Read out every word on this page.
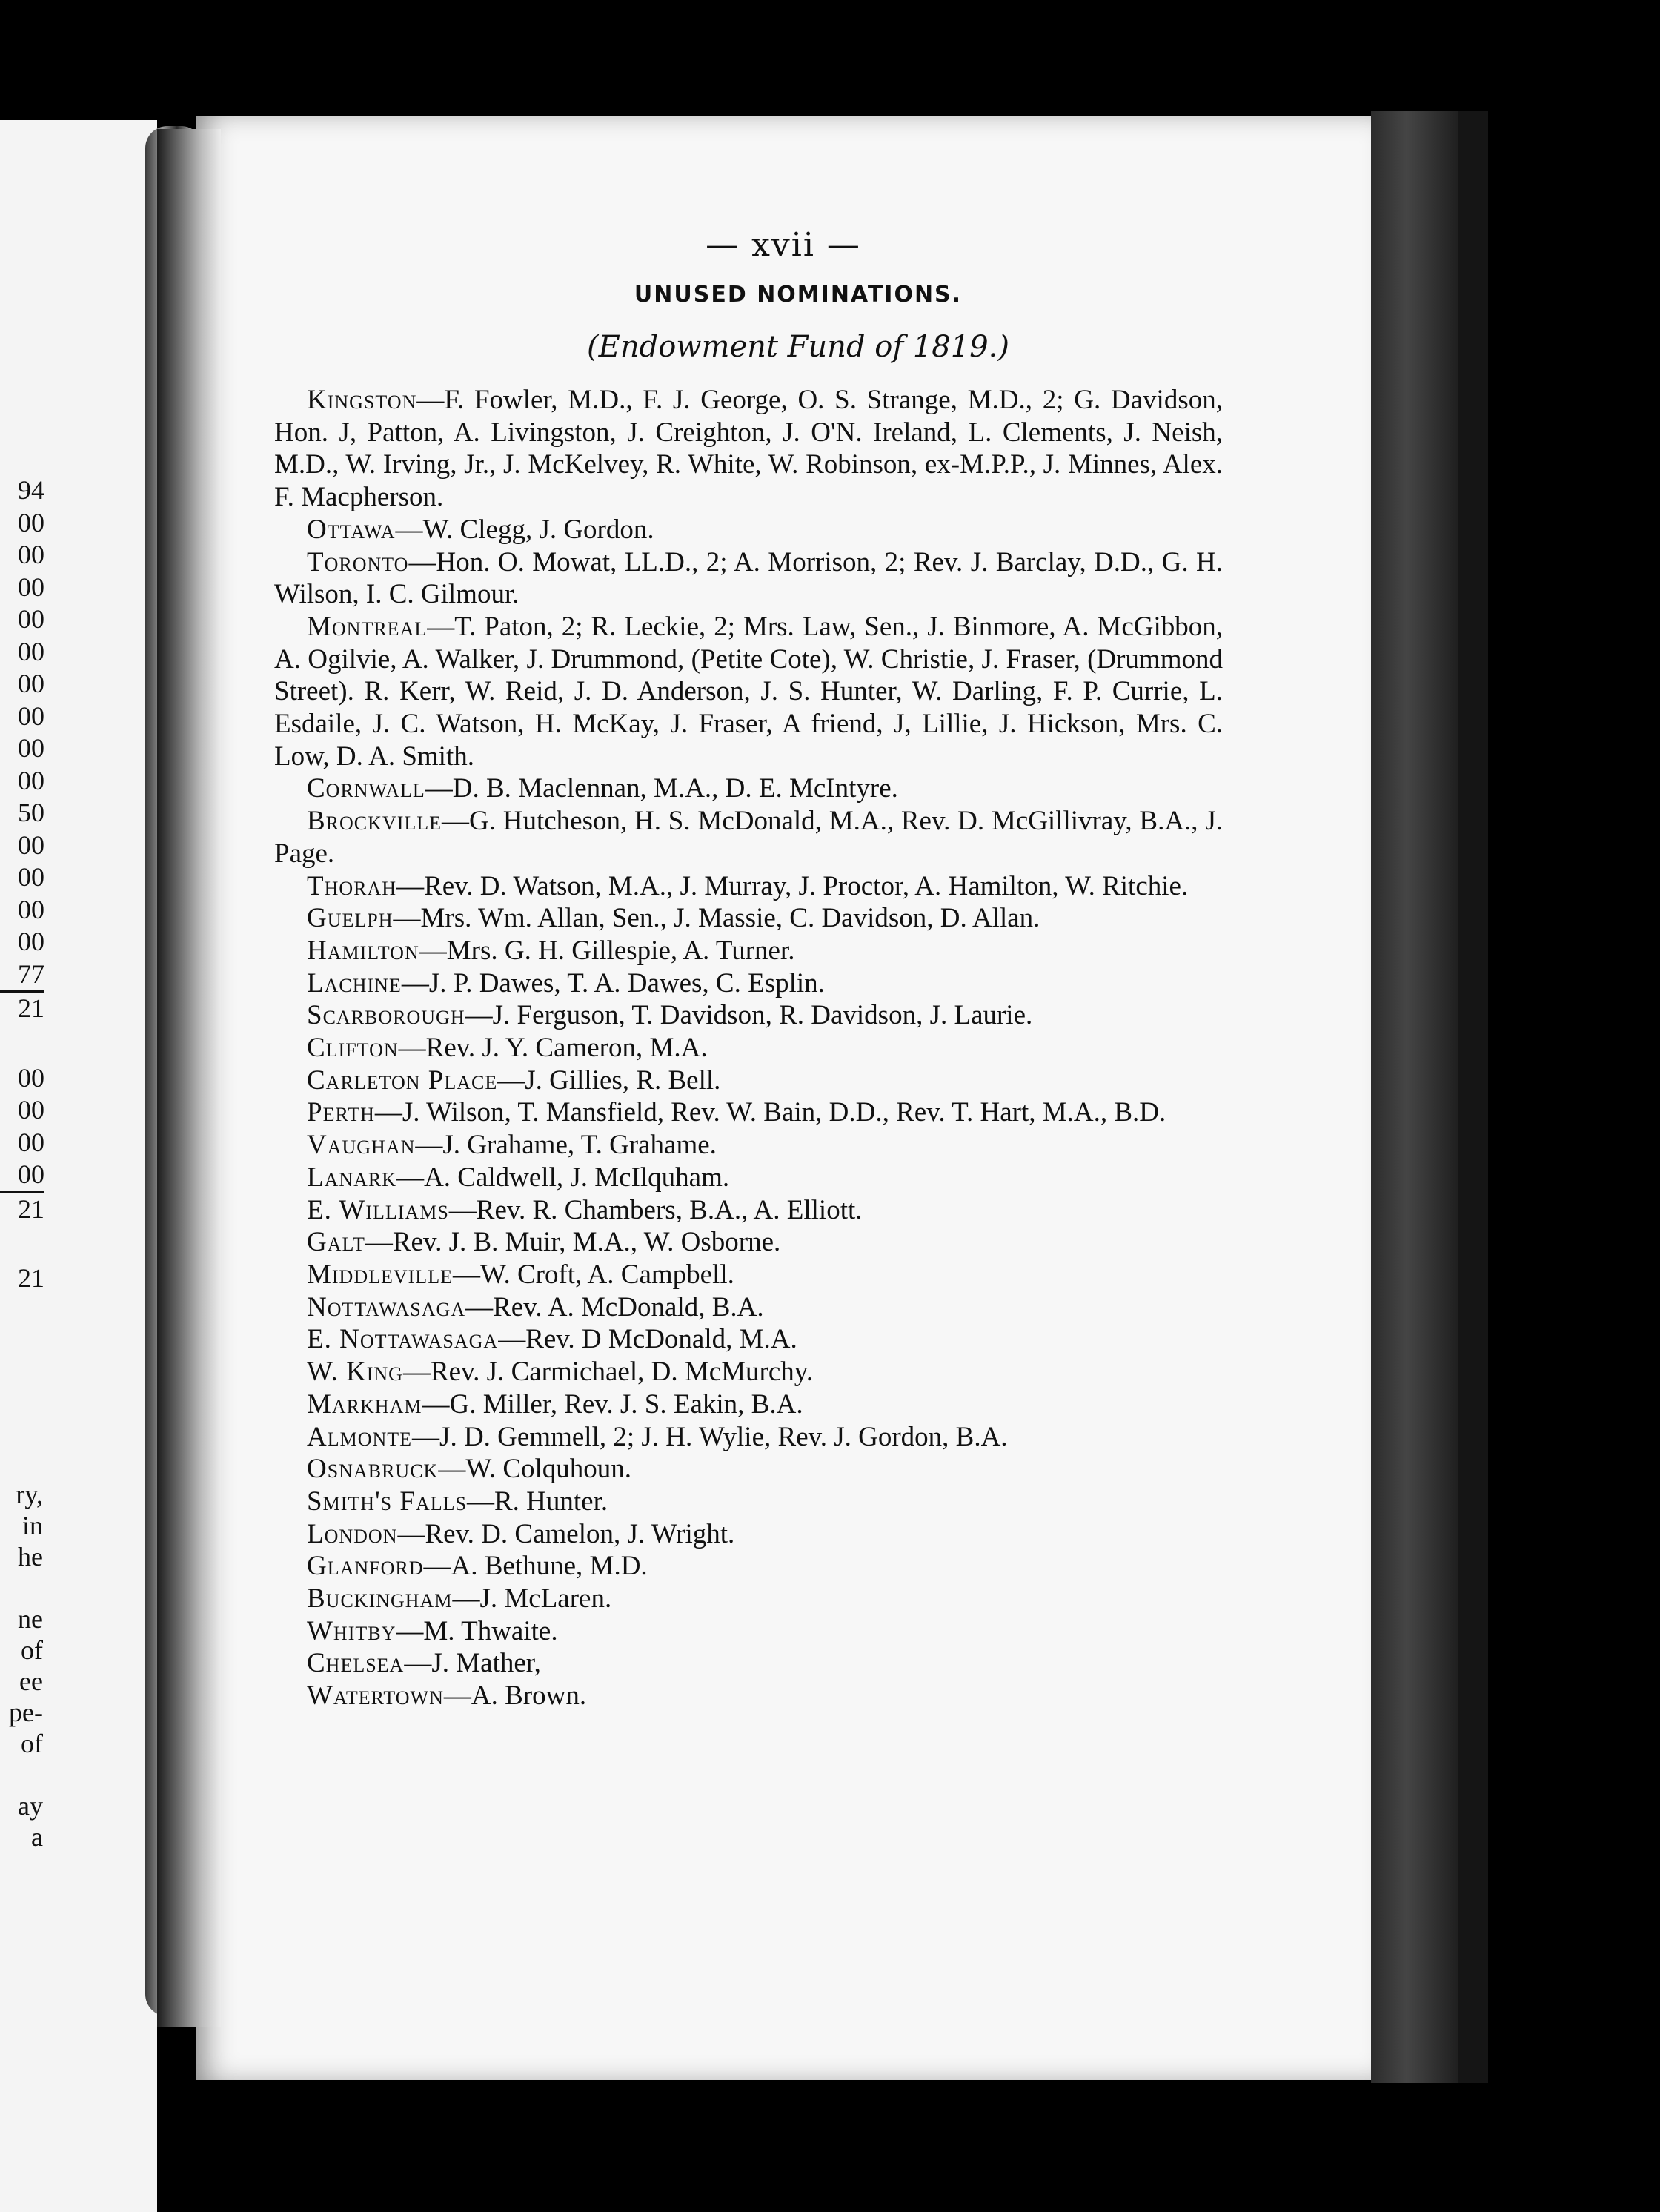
94
00
00
00
00
00
00
00
00
00
50
00
00
00
00
77
21
00
00
00
00
21
21
ry,
in
he
ne
of
ee
pe-
of
ay
a
— xvii —
UNUSED NOMINATIONS.
(Endowment Fund of 1819.)

Kingston—F. Fowler, M.D., F. J. George, O. S. Strange, M.D., 2; G. Davidson, Hon. J, Patton, A. Livingston, J. Creighton, J. O'N. Ireland, L. Clements, J. Neish, M.D., W. Irving, Jr., J. McKelvey, R. White, W. Robinson, ex-M.P.P., J. Minnes, Alex. F. Macpherson.

Ottawa—W. Clegg, J. Gordon.

Toronto—Hon. O. Mowat, LL.D., 2; A. Morrison, 2; Rev. J. Barclay, D.D., G. H. Wilson, I. C. Gilmour.

Montreal—T. Paton, 2; R. Leckie, 2; Mrs. Law, Sen., J. Binmore, A. McGibbon, A. Ogilvie, A. Walker, J. Drummond, (Petite Cote), W. Christie, J. Fraser, (Drummond Street). R. Kerr, W. Reid, J. D. Anderson, J. S. Hunter, W. Darling, F. P. Currie, L. Esdaile, J. C. Watson, H. McKay, J. Fraser, A friend, J, Lillie, J. Hickson, Mrs. C. Low, D. A. Smith.

Cornwall—D. B. Maclennan, M.A., D. E. McIntyre.

Brockville—G. Hutcheson, H. S. McDonald, M.A., Rev. D. McGillivray, B.A., J. Page.

Thorah—Rev. D. Watson, M.A., J. Murray, J. Proctor, A. Hamilton, W. Ritchie.

Guelph—Mrs. Wm. Allan, Sen., J. Massie, C. Davidson, D. Allan.

Hamilton—Mrs. G. H. Gillespie, A. Turner.

Lachine—J. P. Dawes, T. A. Dawes, C. Esplin.

Scarborough—J. Ferguson, T. Davidson, R. Davidson, J. Laurie.

Clifton—Rev. J. Y. Cameron, M.A.

Carleton Place—J. Gillies, R. Bell.

Perth—J. Wilson, T. Mansfield, Rev. W. Bain, D.D., Rev. T. Hart, M.A., B.D.

Vaughan—J. Grahame, T. Grahame.

Lanark—A. Caldwell, J. McIlquham.

E. Williams—Rev. R. Chambers, B.A., A. Elliott.

Galt—Rev. J. B. Muir, M.A., W. Osborne.

Middleville—W. Croft, A. Campbell.

Nottawasaga—Rev. A. McDonald, B.A.

E. Nottawasaga—Rev. D McDonald, M.A.

W. King—Rev. J. Carmichael, D. McMurchy.

Markham—G. Miller, Rev. J. S. Eakin, B.A.

Almonte—J. D. Gemmell, 2; J. H. Wylie, Rev. J. Gordon, B.A.

Osnabruck—W. Colquhoun.

Smith's Falls—R. Hunter.

London—Rev. D. Camelon, J. Wright.

Glanford—A. Bethune, M.D.

Buckingham—J. McLaren.

Whitby—M. Thwaite.

Chelsea—J. Mather,

Watertown—A. Brown.
